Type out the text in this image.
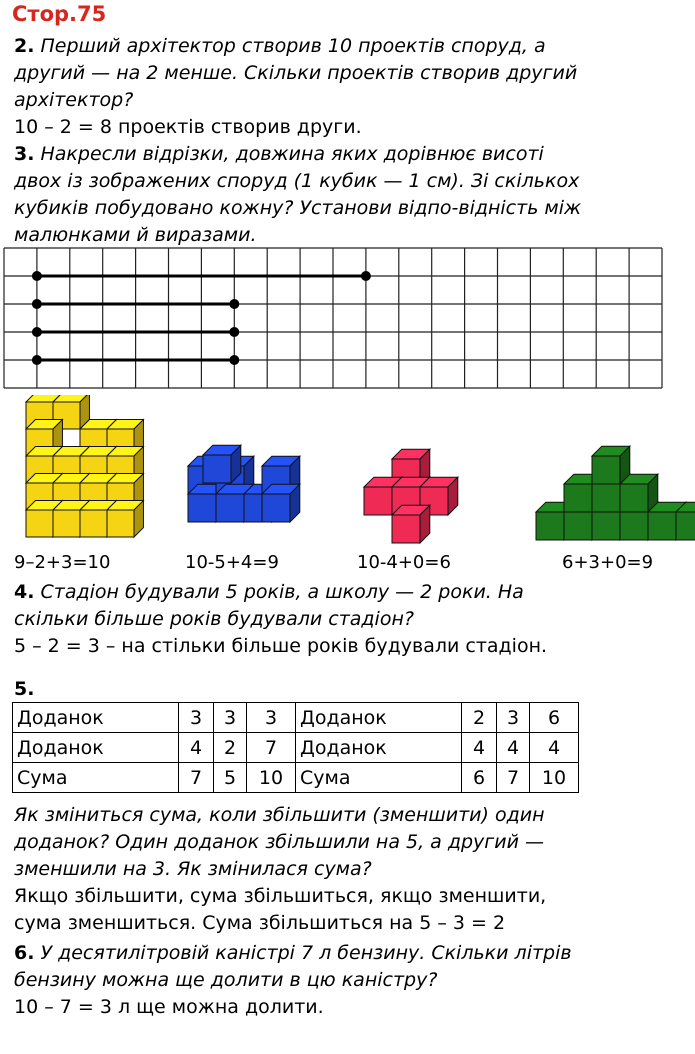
Стор.75
2. Перший архітектор створив 10 проектів споруд, а
другий — на 2 менше. Скільки проектів створив другий
архітектор?
10 – 2 = 8 проектів створив други.
3. Накресли відрізки, довжина яких дорівнює висоті
двох із зображених споруд (1 кубик — 1 см). Зі скількох
кубиків побудовано кожну? Установи відпо-відність між
малюнками й виразами.
9–2+3=10	10-5+4=9	10-4+0=6	6+3+0=9
4. Стадіон будували 5 років, а школу — 2 роки. На
скільки більше років будували стадіон?
5 – 2 = 3 – на стільки більше років будували стадіон.
5.
Доданок	3	3	3	Доданок	2	3	6
Доданок	4	2	7	Доданок	4	4	4
Сума	7	5	10	Сума	6	7	10
Як зміниться сума, коли збільшити (зменшити) один
доданок? Один доданок збільшили на 5, а другий —
зменшили на 3. Як змінилася сума?
Якщо збільшити, сума збільшиться, якщо зменшити,
сума зменшиться. Сума збільшиться на 5 – 3 = 2
6. У десятилітровій каністрі 7 л бензину. Скільки літрів
бензину можна ще долити в цю каністру?
10 – 7 = 3 л ще можна долити.
